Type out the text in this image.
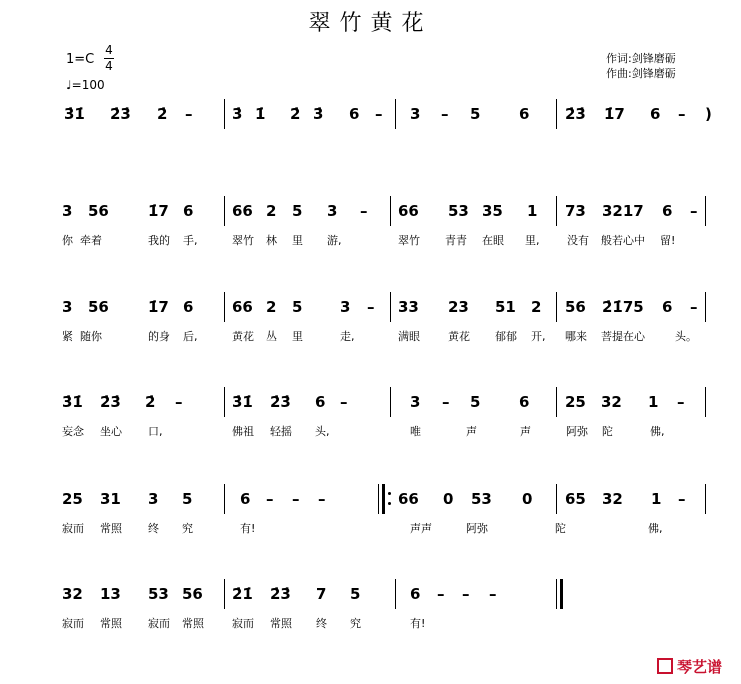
翠竹黄花
1=C
4
4
♩=100
作词:剑锋磨砺
作曲:剑锋磨砺
3̇1̇ 2̇3̇ 2̇ –	3̇ 1̇ 2̇ 3̇ 6 – 3 – 5	6 2̇3̇ 1̇7 6 – )
3 56	1̇7 6	66 2 5 3 – 66 53 35 1 73 3217 6 –
你 牵着	我的 手,	翠竹 林 里 游,	翠竹 青青 在眼 里,	没有 般若心中 留!
3 56	1̇7 6	66 2 5	3 – 33 23 51 2 56 2̇1̇75 6 –
紧 随你	的身 后,	黄花 丛 里	走,	满眼	黄花 郁郁 开, 哪来 菩提在心	头。
3̇1̇ 2̇3̇ 2̇ –	3̇1̇ 2̇3̇ 6 –	3 – 5	6 25 32 1 –
妄念 坐心 口,	佛祖 轻摇 头,	唯	声	声	阿弥 陀	佛,
25 31 3 5	6 – – –	66 0 53 0 65 32 1 –
寂而 常照 终 究	有!	声声	阿弥	陀	佛,
32 13 53 56 2̇1̇ 2̇3̇ 7 5	6 – – –
寂而 常照 寂而 常照	寂而 常照 终 究	有!
琴艺谱
